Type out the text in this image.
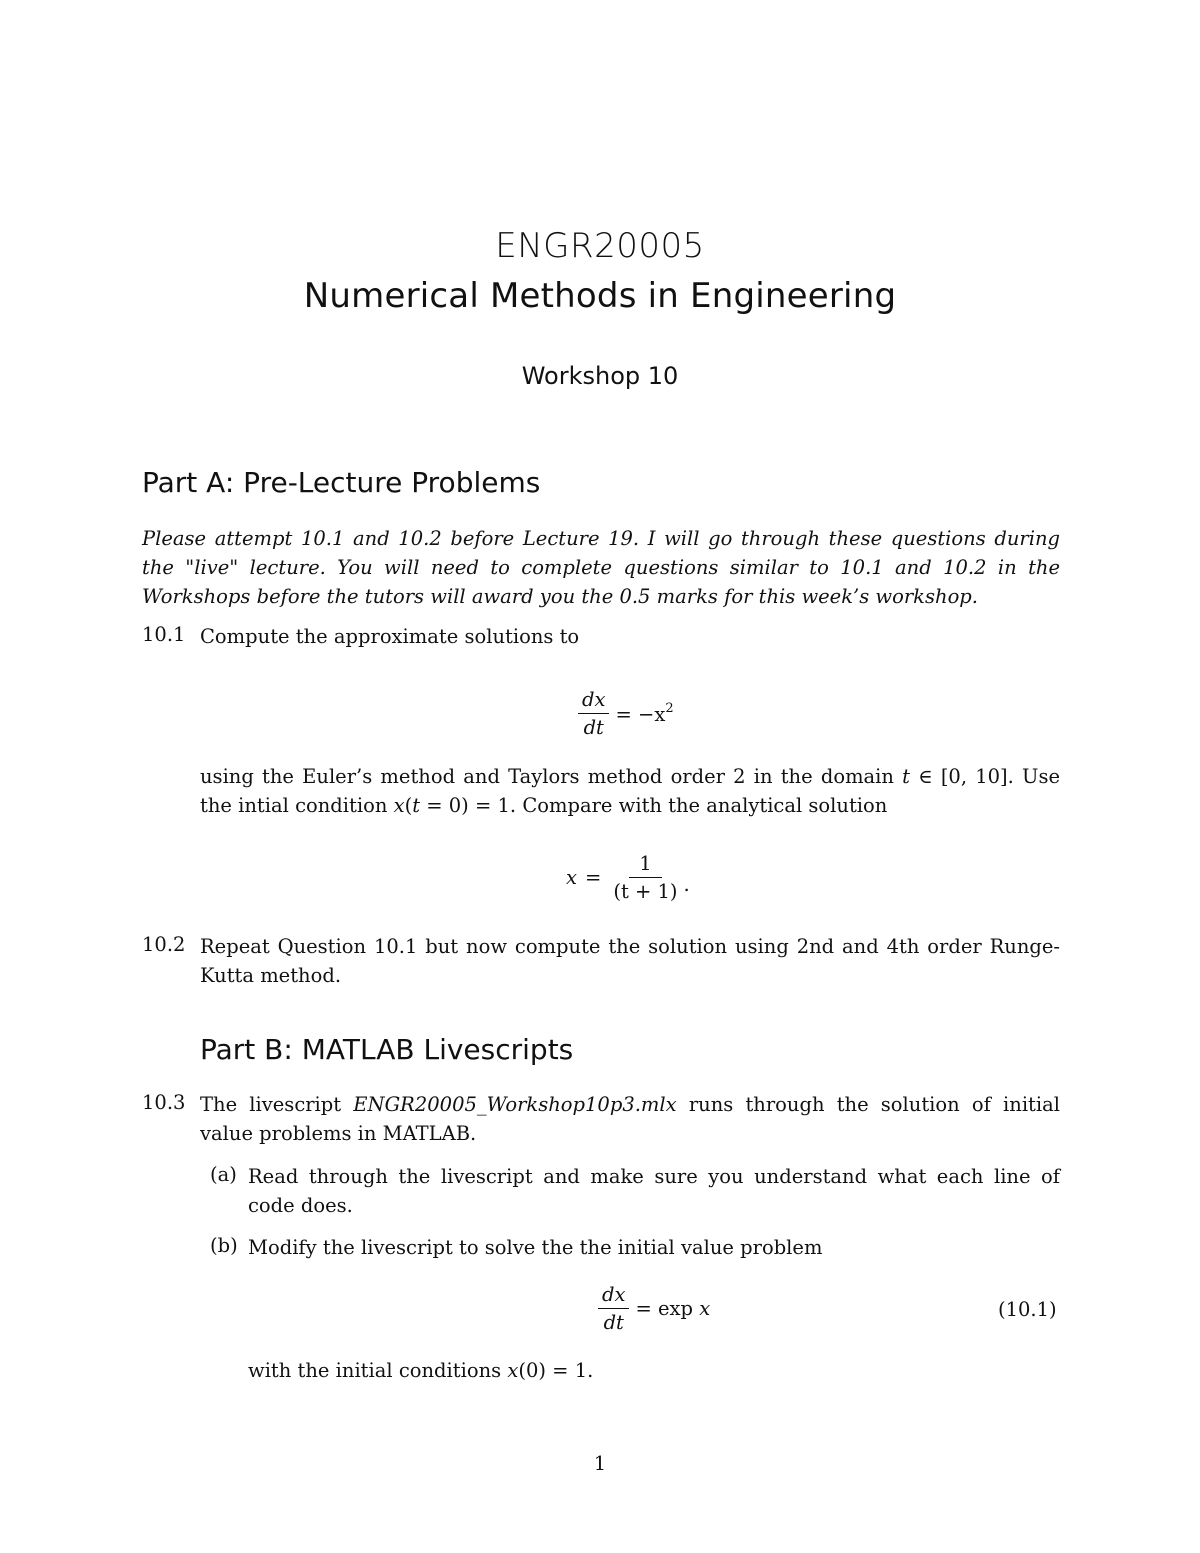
ENGR20005
Numerical Methods in Engineering
Workshop 10
Part A: Pre-Lecture Problems
Please attempt 10.1 and 10.2 before Lecture 19. I will go through these questions during the "live" lecture. You will need to complete questions similar to 10.1 and 10.2 in the Workshops before the tutors will award you the 0.5 marks for this week’s workshop.
10.1 Compute the approximate solutions to
$\frac{dx}{dt} = -x^2$
using the Euler’s method and Taylors method order 2 in the domain t ∈ [0, 10]. Use the intial condition x(t = 0) = 1. Compare with the analytical solution
$x = \frac{1}{(t + 1)}$ .
10.2 Repeat Question 10.1 but now compute the solution using 2nd and 4th order Runge-Kutta method.
Part B: MATLAB Livescripts
10.3 The livescript ENGR20005_Workshop10p3.mlx runs through the solution of initial value problems in MATLAB.
(a) Read through the livescript and make sure you understand what each line of code does.
(b) Modify the livescript to solve the the initial value problem
$\frac{dx}{dt} = \exp x$	(10.1)
with the initial conditions x(0) = 1.
1
